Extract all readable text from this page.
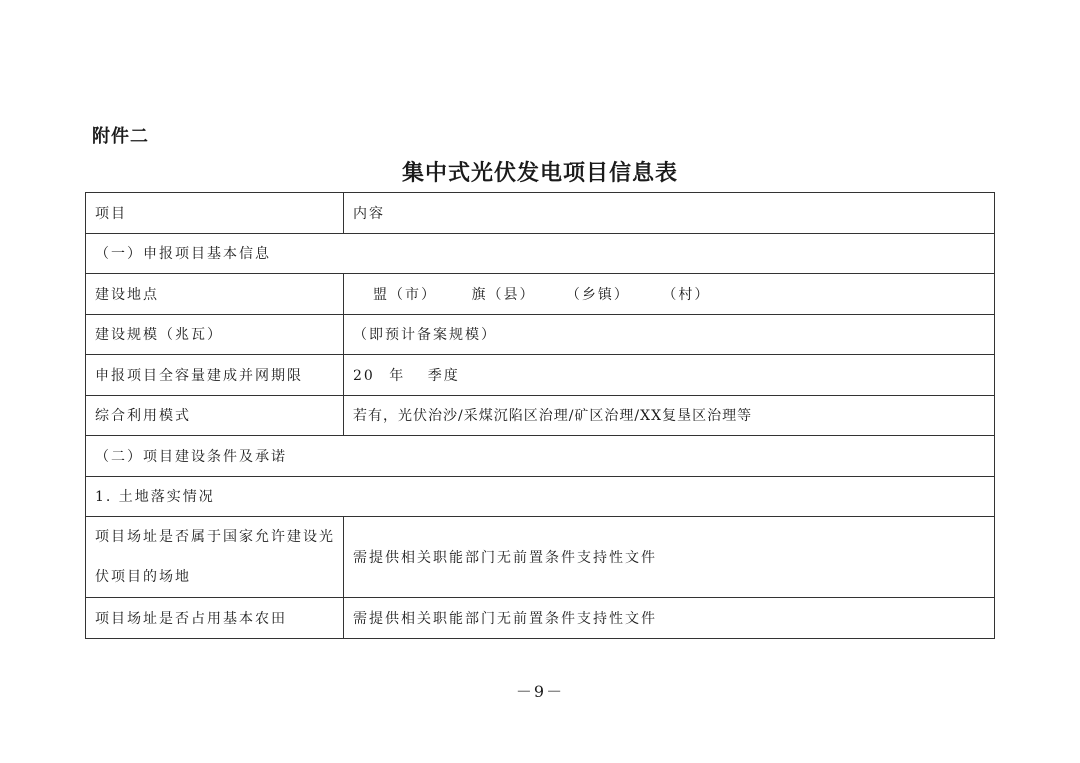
附件二
集中式光伏发电项目信息表
项目	内容
（一）申报项目基本信息	
建设地点	盟（市） 旗（县） （乡镇） （村）
建设规模（兆瓦）	（即预计备案规模）
申报项目全容量建成并网期限	20 年 季度
综合利用模式	若有，光伏治沙/采煤沉陷区治理/矿区治理/XX复垦区治理等
（二）项目建设条件及承诺	
1. 土地落实情况	
项目场址是否属于国家允许建设光伏项目的场地	需提供相关职能部门无前置条件支持性文件
项目场址是否占用基本农田	需提供相关职能部门无前置条件支持性文件
－9－
